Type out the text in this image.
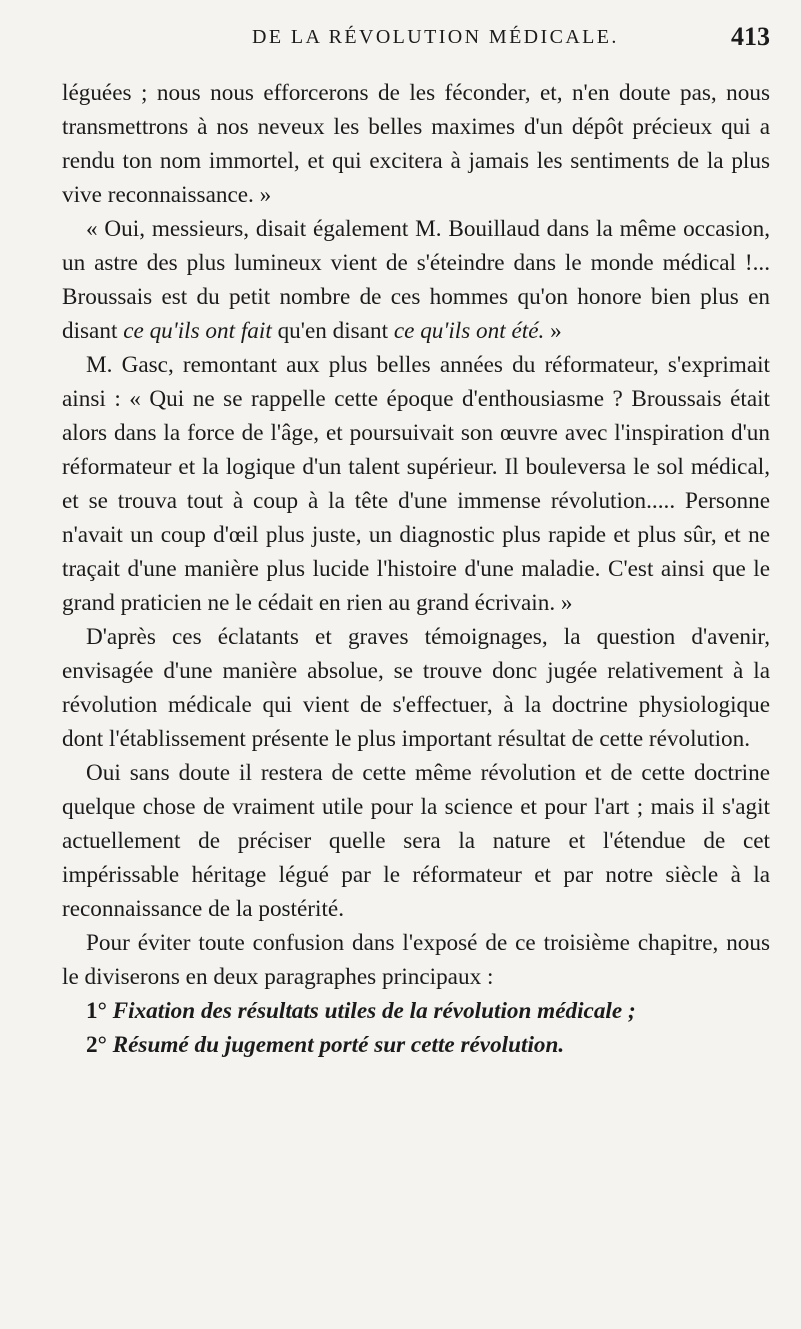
DE LA RÉVOLUTION MÉDICALE.	413

léguées ; nous nous efforcerons de les féconder, et, n'en doute pas, nous transmettrons à nos neveux les belles maximes d'un dépôt précieux qui a rendu ton nom immortel, et qui excitera à jamais les sentiments de la plus vive reconnaissance. »

« Oui, messieurs, disait également M. Bouillaud dans la même occasion, un astre des plus lumineux vient de s'éteindre dans le monde médical !... Broussais est du petit nombre de ces hommes qu'on honore bien plus en disant ce qu'ils ont fait qu'en disant ce qu'ils ont été. »

M. Gasc, remontant aux plus belles années du réformateur, s'exprimait ainsi : « Qui ne se rappelle cette époque d'enthousiasme ? Broussais était alors dans la force de l'âge, et poursuivait son œuvre avec l'inspiration d'un réformateur et la logique d'un talent supérieur. Il bouleversa le sol médical, et se trouva tout à coup à la tête d'une immense révolution..... Personne n'avait un coup d'œil plus juste, un diagnostic plus rapide et plus sûr, et ne traçait d'une manière plus lucide l'histoire d'une maladie. C'est ainsi que le grand praticien ne le cédait en rien au grand écrivain. »

D'après ces éclatants et graves témoignages, la question d'avenir, envisagée d'une manière absolue, se trouve donc jugée relativement à la révolution médicale qui vient de s'effectuer, à la doctrine physiologique dont l'établissement présente le plus important résultat de cette révolution.

Oui sans doute il restera de cette même révolution et de cette doctrine quelque chose de vraiment utile pour la science et pour l'art ; mais il s'agit actuellement de préciser quelle sera la nature et l'étendue de cet impérissable héritage légué par le réformateur et par notre siècle à la reconnaissance de la postérité.

Pour éviter toute confusion dans l'exposé de ce troisième chapitre, nous le diviserons en deux paragraphes principaux :

1° Fixation des résultats utiles de la révolution médicale ;

2° Résumé du jugement porté sur cette révolution.
